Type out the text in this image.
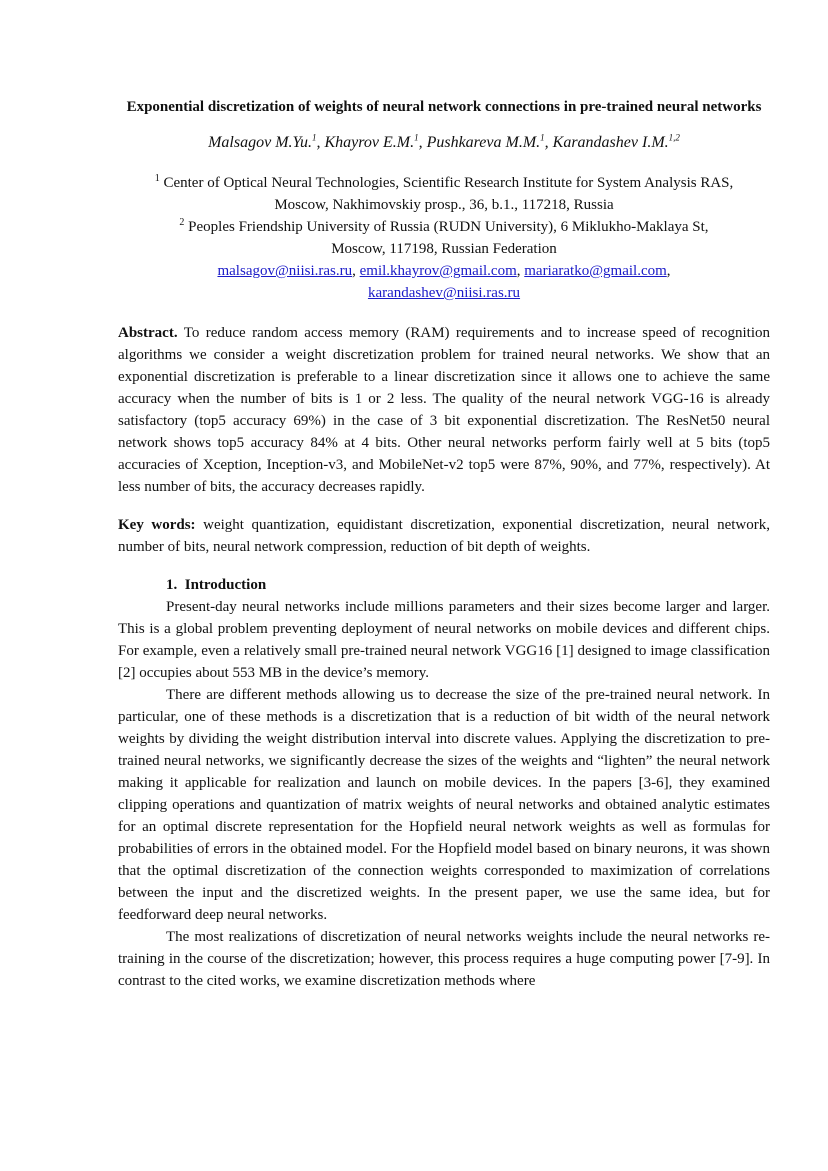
Exponential discretization of weights of neural network connections in pre-trained neural networks

Malsagov M.Yu.$^1$, Khayrov E.M.$^1$, Pushkareva M.M.$^1$, Karandashev I.M.$^{1,2}$

$^1$ Center of Optical Neural Technologies, Scientific Research Institute for System Analysis RAS,

Moscow, Nakhimovskiy prosp., 36, b.1., 117218, Russia

$^2$ Peoples Friendship University of Russia (RUDN University), 6 Miklukho-Maklaya St,

Moscow, 117198, Russian Federation

malsagov@niisi.ras.ru, emil.khayrov@gmail.com, mariaratko@gmail.com,
karandashev@niisi.ras.ru

Abstract. To reduce random access memory (RAM) requirements and to increase speed of recognition algorithms we consider a weight discretization problem for trained neural networks. We show that an exponential discretization is preferable to a linear discretization since it allows one to achieve the same accuracy when the number of bits is 1 or 2 less. The quality of the neural network VGG-16 is already satisfactory (top5 accuracy 69%) in the case of 3 bit exponential discretization. The ResNet50 neural network shows top5 accuracy 84% at 4 bits. Other neural networks perform fairly well at 5 bits (top5 accuracies of Xception, Inception-v3, and MobileNet-v2 top5 were 87%, 90%, and 77%, respectively). At less number of bits, the accuracy decreases rapidly.

Key words: weight quantization, equidistant discretization, exponential discretization, neural network, number of bits, neural network compression, reduction of bit depth of weights.

1.  Introduction

Present-day neural networks include millions parameters and their sizes become larger and larger. This is a global problem preventing deployment of neural networks on mobile devices and different chips. For example, even a relatively small pre-trained neural network VGG16 [1] designed to image classification [2] occupies about 553 MB in the device’s memory.

There are different methods allowing us to decrease the size of the pre-trained neural network. In particular, one of these methods is a discretization that is a reduction of bit width of the neural network weights by dividing the weight distribution interval into discrete values. Applying the discretization to pre-trained neural networks, we significantly decrease the sizes of the weights and “lighten” the neural network making it applicable for realization and launch on mobile devices. In the papers [3-6], they examined clipping operations and quantization of matrix weights of neural networks and obtained analytic estimates for an optimal discrete representation for the Hopfield neural network weights as well as formulas for probabilities of errors in the obtained model. For the Hopfield model based on binary neurons, it was shown that the optimal discretization of the connection weights corresponded to maximization of correlations between the input and the discretized weights. In the present paper, we use the same idea, but for feedforward deep neural networks.

The most realizations of discretization of neural networks weights include the neural networks re-training in the course of the discretization; however, this process requires a huge computing power [7-9]. In contrast to the cited works, we examine discretization methods where
